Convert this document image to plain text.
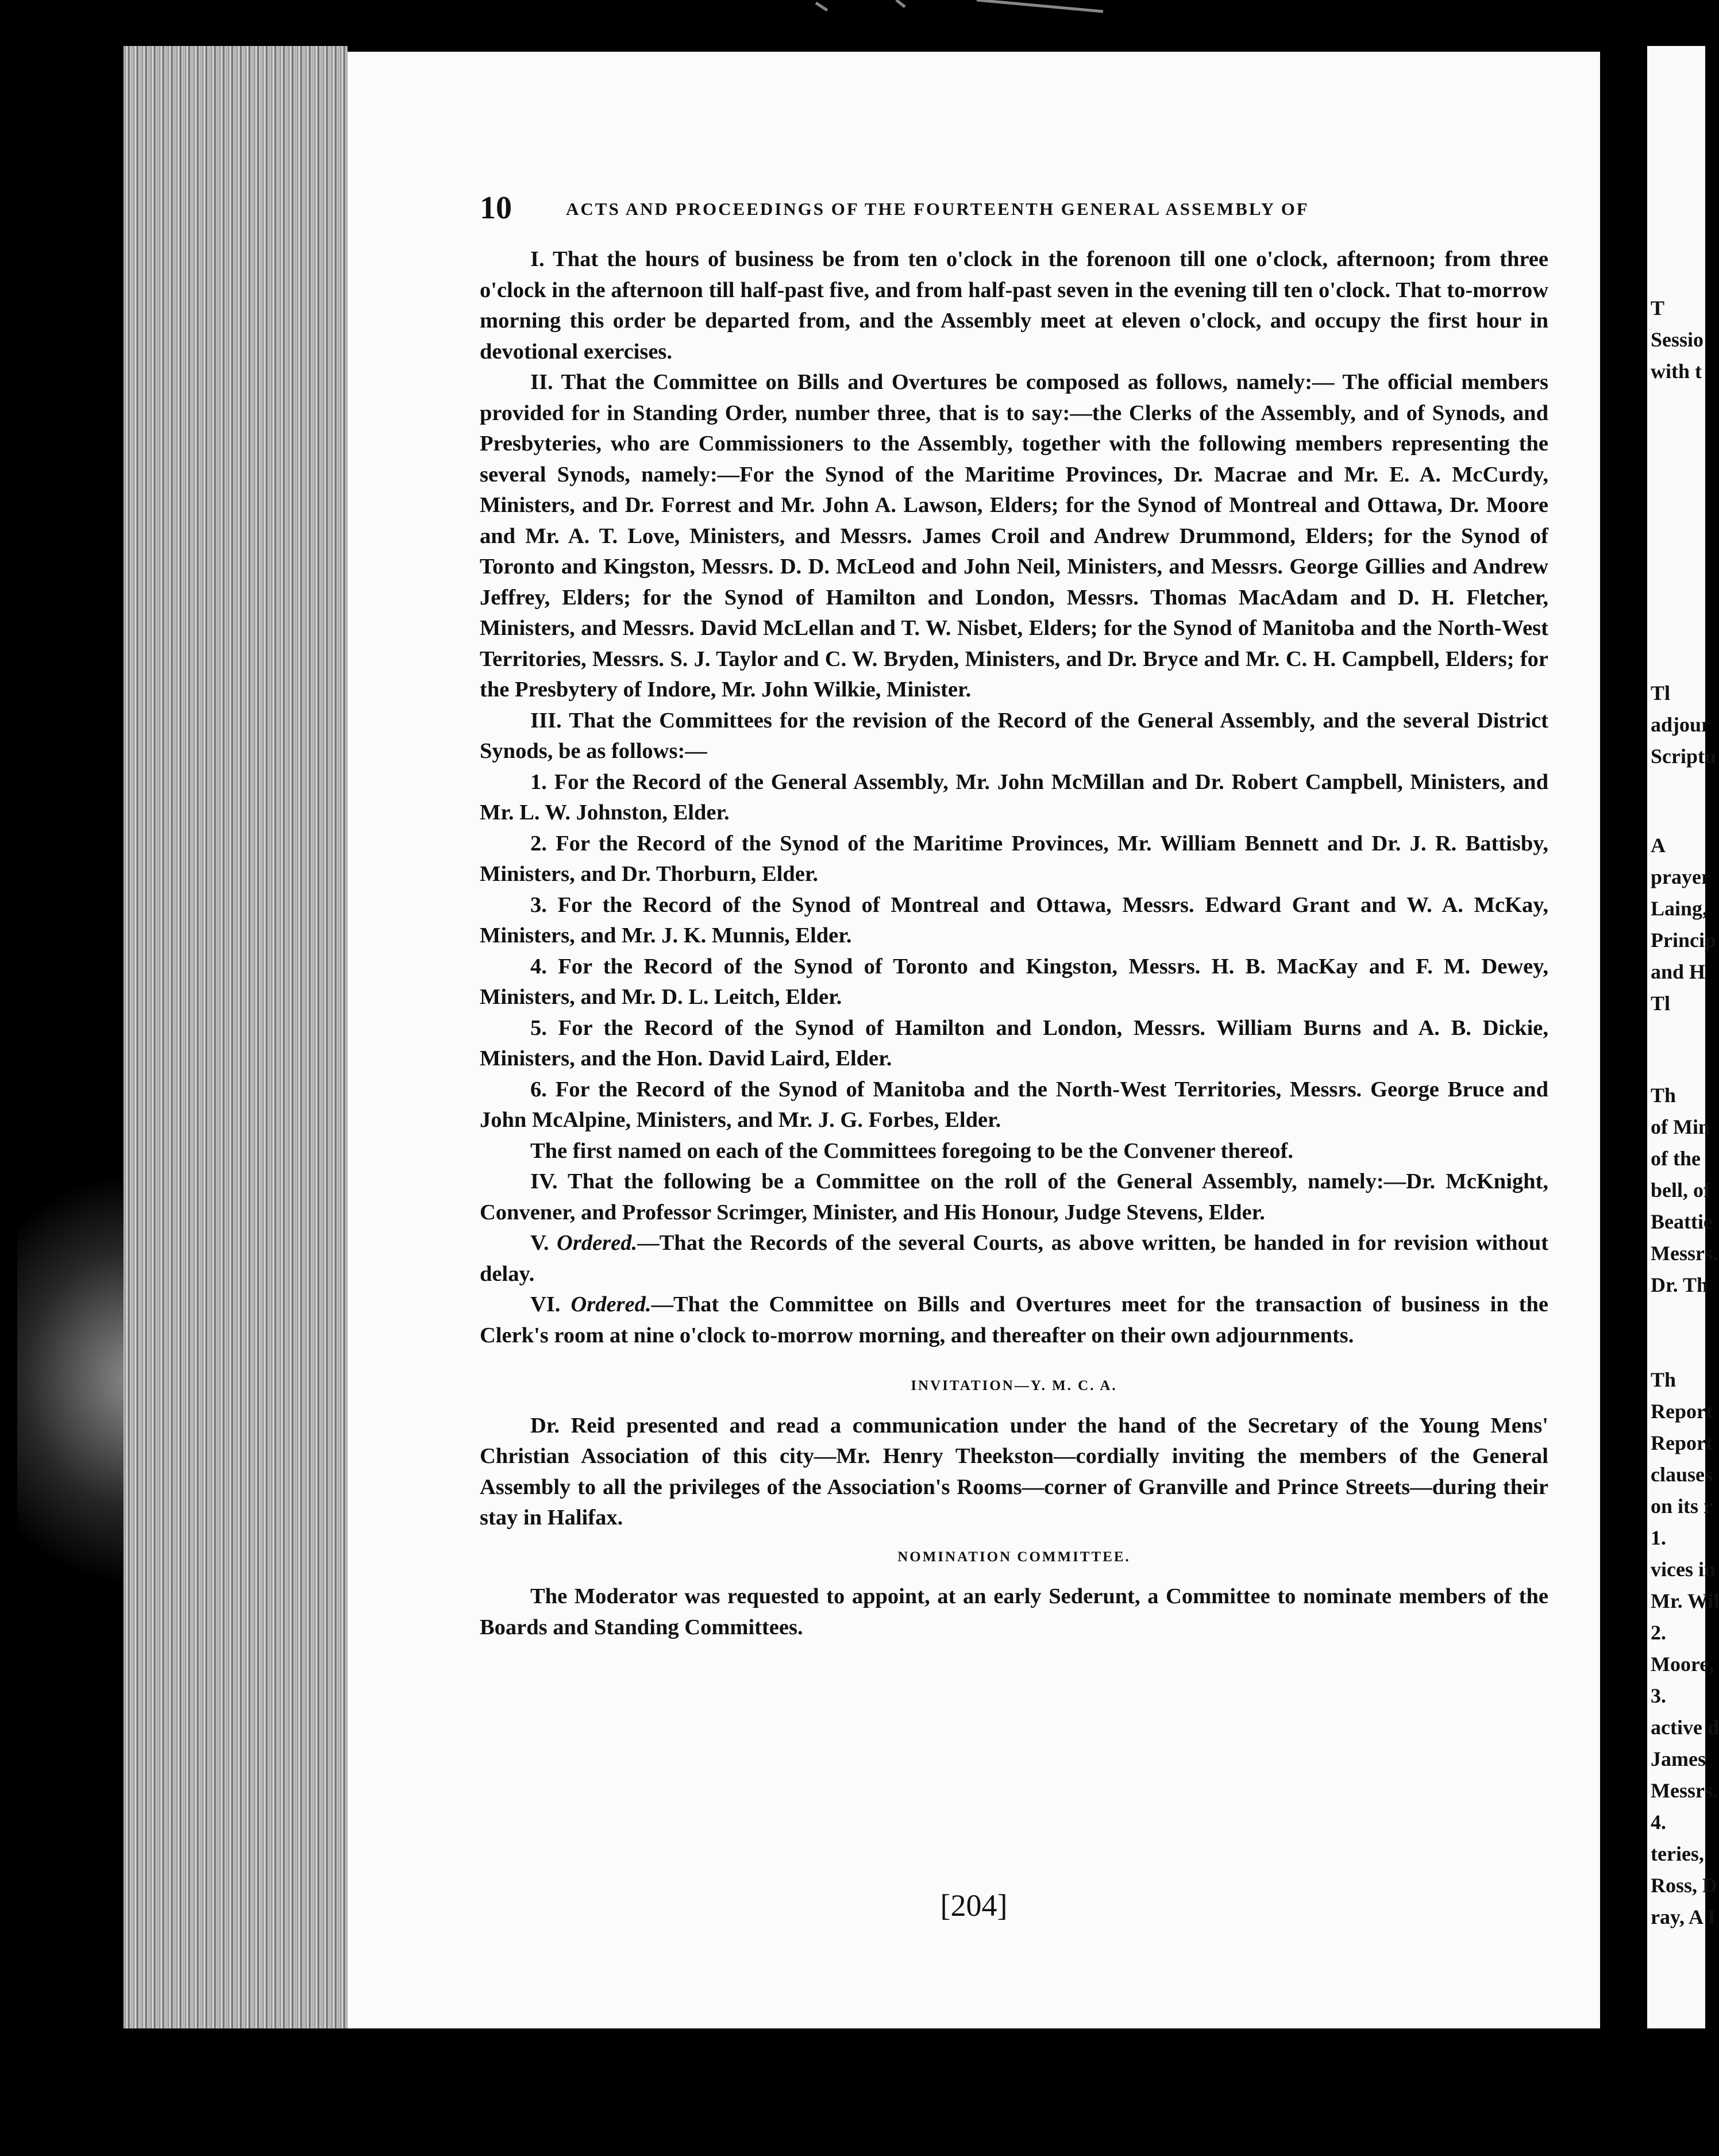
10	ACTS AND PROCEEDINGS OF THE FOURTEENTH GENERAL ASSEMBLY OF

I. That the hours of business be from ten o'clock in the forenoon till one o'clock, afternoon; from three o'clock in the afternoon till half-past five, and from half-past seven in the evening till ten o'clock. That to-morrow morning this order be departed from, and the Assembly meet at eleven o'clock, and occupy the first hour in devotional exercises.

II. That the Committee on Bills and Overtures be composed as follows, namely:— The official members provided for in Standing Order, number three, that is to say:—the Clerks of the Assembly, and of Synods, and Presbyteries, who are Commissioners to the Assembly, together with the following members representing the several Synods, namely:—For the Synod of the Maritime Provinces, Dr. Macrae and Mr. E. A. McCurdy, Ministers, and Dr. Forrest and Mr. John A. Lawson, Elders; for the Synod of Montreal and Ottawa, Dr. Moore and Mr. A. T. Love, Ministers, and Messrs. James Croil and Andrew Drummond, Elders; for the Synod of Toronto and Kingston, Messrs. D. D. McLeod and John Neil, Ministers, and Messrs. George Gillies and Andrew Jeffrey, Elders; for the Synod of Hamilton and London, Messrs. Thomas MacAdam and D. H. Fletcher, Ministers, and Messrs. David McLellan and T. W. Nisbet, Elders; for the Synod of Manitoba and the North-West Territories, Messrs. S. J. Taylor and C. W. Bryden, Ministers, and Dr. Bryce and Mr. C. H. Campbell, Elders; for the Presbytery of Indore, Mr. John Wilkie, Minister.

III. That the Committees for the revision of the Record of the General Assembly, and the several District Synods, be as follows:—

1. For the Record of the General Assembly, Mr. John McMillan and Dr. Robert Campbell, Ministers, and Mr. L. W. Johnston, Elder.

2. For the Record of the Synod of the Maritime Provinces, Mr. William Bennett and Dr. J. R. Battisby, Ministers, and Dr. Thorburn, Elder.

3. For the Record of the Synod of Montreal and Ottawa, Messrs. Edward Grant and W. A. McKay, Ministers, and Mr. J. K. Munnis, Elder.

4. For the Record of the Synod of Toronto and Kingston, Messrs. H. B. MacKay and F. M. Dewey, Ministers, and Mr. D. L. Leitch, Elder.

5. For the Record of the Synod of Hamilton and London, Messrs. William Burns and A. B. Dickie, Ministers, and the Hon. David Laird, Elder.

6. For the Record of the Synod of Manitoba and the North-West Territories, Messrs. George Bruce and John McAlpine, Ministers, and Mr. J. G. Forbes, Elder.

The first named on each of the Committees foregoing to be the Convener thereof.

IV. That the following be a Committee on the roll of the General Assembly, namely:—Dr. McKnight, Convener, and Professor Scrimger, Minister, and His Honour, Judge Stevens, Elder.

V. Ordered.—That the Records of the several Courts, as above written, be handed in for revision without delay.

VI. Ordered.—That the Committee on Bills and Overtures meet for the transaction of business in the Clerk's room at nine o'clock to-morrow morning, and thereafter on their own adjournments.

INVITATION—Y. M. C. A.

Dr. Reid presented and read a communication under the hand of the Secretary of the Young Mens' Christian Association of this city—Mr. Henry Theekston—cordially inviting the members of the General Assembly to all the privileges of the Association's Rooms—corner of Granville and Prince Streets—during their stay in Halifax.

NOMINATION COMMITTEE.

The Moderator was requested to appoint, at an early Sederunt, a Committee to nominate members of the Boards and Standing Committees.

[204]
T
Sessio
with t
Tl
adjour
Scriptu
A
prayer
Laing,
Princip
and H
Tl
Th
of Min
of the
bell, of
Beattie
Messrs.
Dr. Th
Th
Report
Report
clauses
on its r
1.
vices in
Mr. Wil
2.
Moore,
3.
active d
James
Messrs.
4.
teries,
Ross, D
ray, A I
